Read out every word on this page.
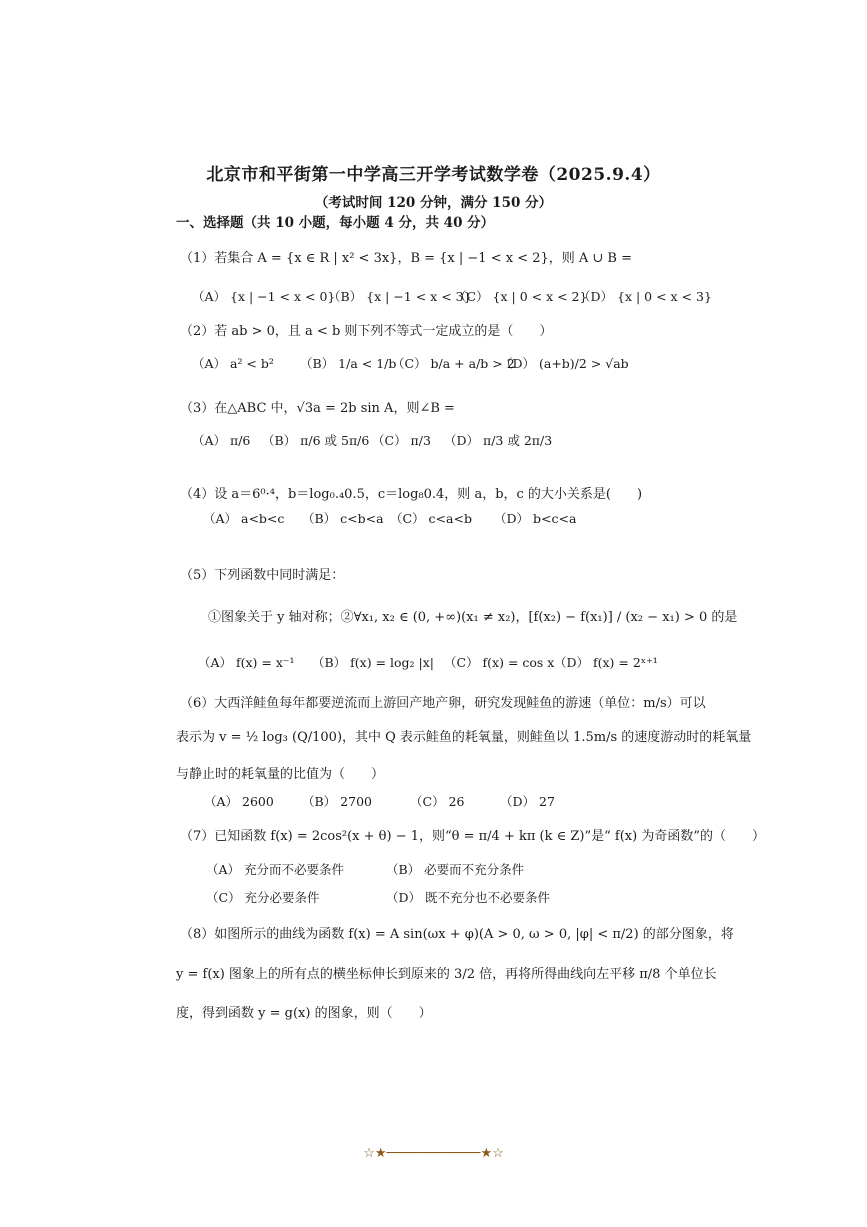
北京市和平街第一中学高三开学考试数学卷（2025.9.4）
（考试时间 120 分钟，满分 150 分）
一、选择题（共 10 小题，每小题 4 分，共 40 分）
（1）若集合 A = {x ∈ R | x² < 3x}，B = {x | −1 < x < 2}，则 A ∪ B =
（A） {x | −1 < x < 0}
（B） {x | −1 < x < 3}
（C） {x | 0 < x < 2}
（D） {x | 0 < x < 3}
（2）若 ab > 0，且 a < b 则下列不等式一定成立的是（　　）
（A） a² < b² （B） 1/a < 1/b
（C） b/a + a/b > 2
（D） (a+b)/2 > √ab
（3）在△ABC 中，√3a = 2b sin A，则∠B =
（A） π/6 （B） π/6 或 5π/6 （C） π/3 （D） π/3 或 2π/3
（4）设 a＝6⁰·⁴，b＝log₀.₄0.5，c＝log₈0.4，则 a，b，c 的大小关系是(　　)
（A） a<b<c （B） c<b<a （C） c<a<b （D） b<c<a
（5）下列函数中同时满足：
①图象关于 y 轴对称；②∀x₁, x₂ ∈ (0, +∞)(x₁ ≠ x₂)，[f(x₂) − f(x₁)] / (x₂ − x₁) > 0 的是
（A） f(x) = x⁻¹ （B） f(x) = log₂ |x| （C） f(x) = cos x （D） f(x) = 2ˣ⁺¹
（6）大西洋鲑鱼每年都要逆流而上游回产地产卵，研究发现鲑鱼的游速（单位：m/s）可以
表示为 v = ½ log₃ (Q/100)，其中 Q 表示鲑鱼的耗氧量，则鲑鱼以 1.5m/s 的速度游动时的耗氧量
与静止时的耗氧量的比值为（　　）
（A） 2600 （B） 2700	（C） 26	（D） 27
（7）已知函数 f(x) = 2cos²(x + θ) − 1，则“θ = π/4 + kπ (k ∈ Z)”是“ f(x) 为奇函数”的（　　）
（A） 充分而不必要条件	（B） 必要而不充分条件
（C） 充分必要条件	（D） 既不充分也不必要条件
（8）如图所示的曲线为函数 f(x) = A sin(ωx + φ)(A > 0, ω > 0, |φ| < π/2) 的部分图象，将
y = f(x) 图象上的所有点的横坐标伸长到原来的 3/2 倍，再将所得曲线向左平移 π/8 个单位长
度，得到函数 y = g(x) 的图象，则（　　）
☆★────────────★☆
